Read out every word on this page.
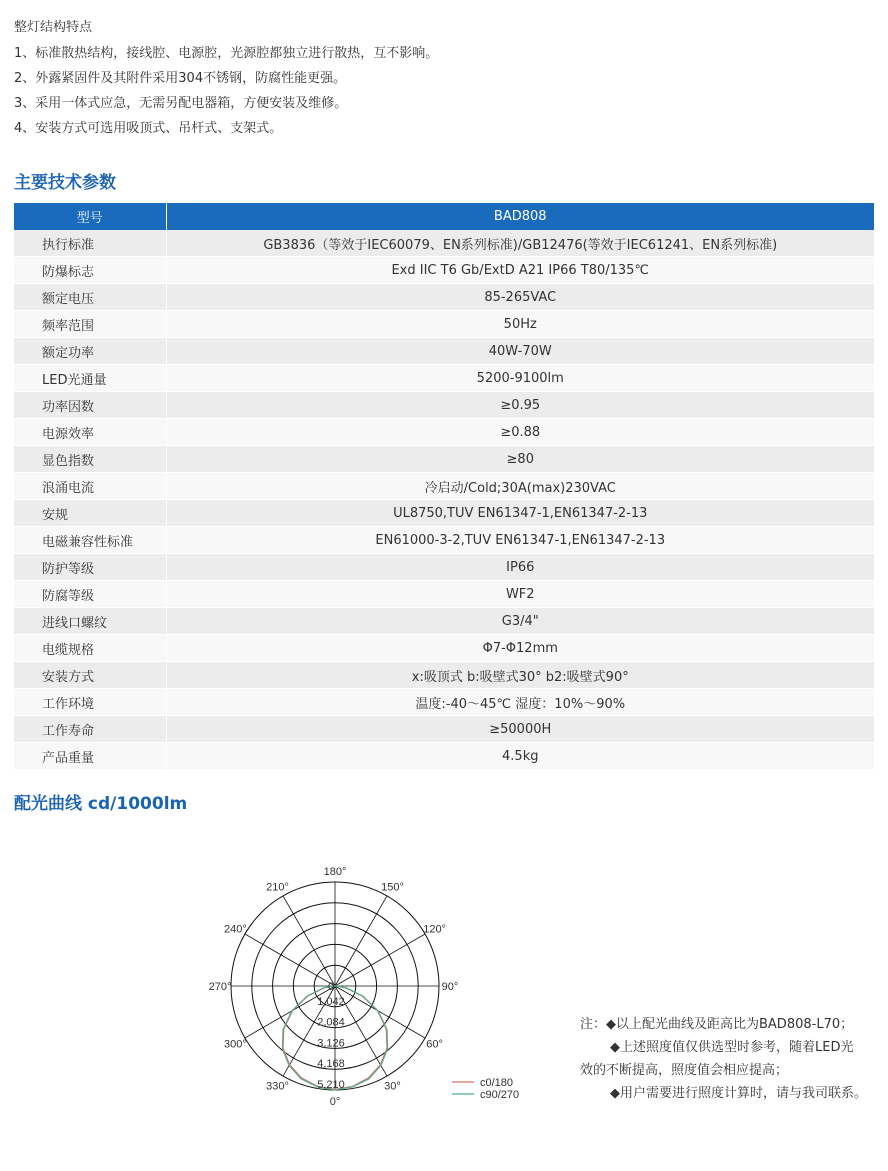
整灯结构特点
1、标准散热结构，接线腔、电源腔，光源腔都独立进行散热，互不影响。
2、外露紧固件及其附件采用304不锈钢，防腐性能更强。
3、采用一体式应急，无需另配电器箱，方便安装及维修。
4、安装方式可选用吸顶式、吊杆式、支架式。
主要技术参数
型号	BAD808
执行标准	GB3836（等效于IEC60079、EN系列标准)/GB12476(等效于IEC61241、EN系列标准)
防爆标志	Exd IIC T6 Gb/ExtD A21 IP66 T80/135℃
额定电压	85-265VAC
频率范围	50Hz
额定功率	40W-70W
LED光通量	5200-9100lm
功率因数	≥0.95
电源效率	≥0.88
显色指数	≥80
浪涌电流	冷启动/Cold;30A(max)230VAC
安规	UL8750,TUV EN61347-1,EN61347-2-13
电磁兼容性标准	EN61000-3-2,TUV EN61347-1,EN61347-2-13
防护等级	IP66
防腐等级	WF2
进线口螺纹	G3/4"
电缆规格	Φ7-Φ12mm
安装方式	x:吸顶式 b:吸壁式30° b2:吸壁式90°
工作环境	温度:-40～45℃ 湿度：10%～90%
工作寿命	≥50000H
产品重量	4.5kg
配光曲线 cd/1000lm
0°
30°
60°
90°
120°
150°
180°
210°
240°
270°
300°
330°
0
1,042
2,084
3,126
4,168
5,210	c0/180
c90/270
注：◆以上配光曲线及距高比为BAD808-L70；
◆上述照度值仅供选型时参考，随着LED光
效的不断提高，照度值会相应提高；
◆用户需要进行照度计算时，请与我司联系。
